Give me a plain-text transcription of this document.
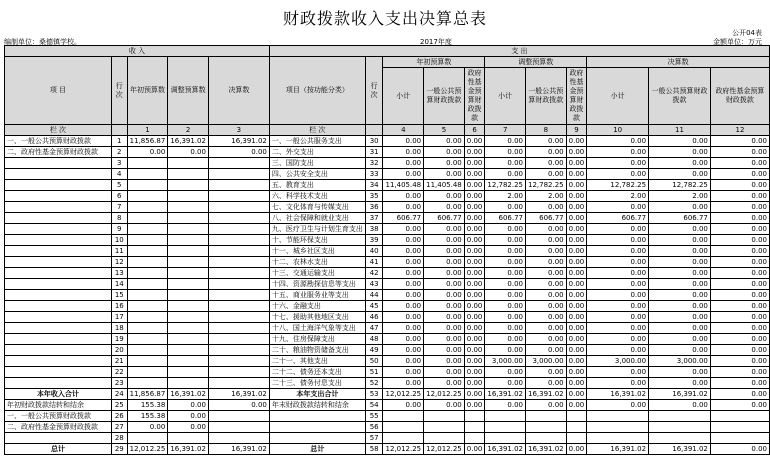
财政拨款收入支出决算总表
公开04表
编制单位：桑德镇学校。	2017年度	金额单位：万元
收 入					支 出										
项 目	行次	年初预算数	调整预算数	决算数	项目（按功能分类）	行次	年初预算数			调整预算数			决算数		
							小计	一般公共预算财政拨款	政府性基金预算财政拨款	小计	一般公共预算财政拨款	政府性基金预算财政拨款	小计	一般公共预算财政拨款	政府性基金预算财政拨款

栏 次		1	2	3	栏 次		4	5	6	7	8	9	10	11	12
一、一般公共预算财政拨款	1	11,856.87	16,391.02	16,391.02	一、一般公共服务支出	30	0.00	0.00	0.00	0.00	0.00	0.00	0.00	0.00	0.00
二、政府性基金预算财政拨款	2	0.00	0.00	0.00	二、外交支出	31	0.00	0.00	0.00	0.00	0.00	0.00	0.00	0.00	0.00
	3				三、国防支出	32	0.00	0.00	0.00	0.00	0.00	0.00	0.00	0.00	0.00
	4				四、公共安全支出	33	0.00	0.00	0.00	0.00	0.00	0.00	0.00	0.00	0.00
	5				五、教育支出	34	11,405.48	11,405.48	0.00	12,782.25	12,782.25	0.00	12,782.25	12,782.25	0.00
	6				六、科学技术支出	35	0.00	0.00	0.00	2.00	2.00	0.00	2.00	2.00	0.00
	7				七、文化体育与传媒支出	36	0.00	0.00	0.00	0.00	0.00	0.00	0.00	0.00	0.00
	8				八、社会保障和就业支出	37	606.77	606.77	0.00	606.77	606.77	0.00	606.77	606.77	0.00
	9				九、医疗卫生与计划生育支出	38	0.00	0.00	0.00	0.00	0.00	0.00	0.00	0.00	0.00
	10				十、节能环保支出	39	0.00	0.00	0.00	0.00	0.00	0.00	0.00	0.00	0.00
	11				十一、城乡社区支出	40	0.00	0.00	0.00	0.00	0.00	0.00	0.00	0.00	0.00
	12				十二、农林水支出	41	0.00	0.00	0.00	0.00	0.00	0.00	0.00	0.00	0.00
	13				十三、交通运输支出	42	0.00	0.00	0.00	0.00	0.00	0.00	0.00	0.00	0.00
	14				十四、资源勘探信息等支出	43	0.00	0.00	0.00	0.00	0.00	0.00	0.00	0.00	0.00
	15				十五、商业服务业等支出	44	0.00	0.00	0.00	0.00	0.00	0.00	0.00	0.00	0.00
	16				十六、金融支出	45	0.00	0.00	0.00	0.00	0.00	0.00	0.00	0.00	0.00
	17				十七、援助其他地区支出	46	0.00	0.00	0.00	0.00	0.00	0.00	0.00	0.00	0.00
	18				十八、国土海洋气象等支出	47	0.00	0.00	0.00	0.00	0.00	0.00	0.00	0.00	0.00
	19				十九、住房保障支出	48	0.00	0.00	0.00	0.00	0.00	0.00	0.00	0.00	0.00
	20				二十、粮油物资储备支出	49	0.00	0.00	0.00	0.00	0.00	0.00	0.00	0.00	0.00
	21				二十一、其他支出	50	0.00	0.00	0.00	3,000.00	3,000.00	0.00	3,000.00	3,000.00	0.00
	22				二十二、债务还本支出	51	0.00	0.00	0.00	0.00	0.00	0.00	0.00	0.00	0.00
	23				二十三、债务付息支出	52	0.00	0.00	0.00	0.00	0.00	0.00	0.00	0.00	0.00
本年收入合计	24	11,856.87	16,391.02	16,391.02	本年支出合计	53	12,012.25	12,012.25	0.00	16,391.02	16,391.02	0.00	16,391.02	16,391.02	0.00
年初财政拨款结转和结余	25	155.38	0.00	0.00	年末财政拨款结转和结余	54	0.00	0.00	0.00	0.00	0.00	0.00	0.00	0.00	0.00
一、一般公共预算财政拨款	26	155.38	0.00			55									
二、政府性基金预算财政拨款	27	0.00	0.00			56									
	28					57									
总计	29	12,012.25	16,391.02	16,391.02	总计	58	12,012.25	12,012.25	0.00	16,391.02	16,391.02	0.00	16,391.02	16,391.02	0.00
